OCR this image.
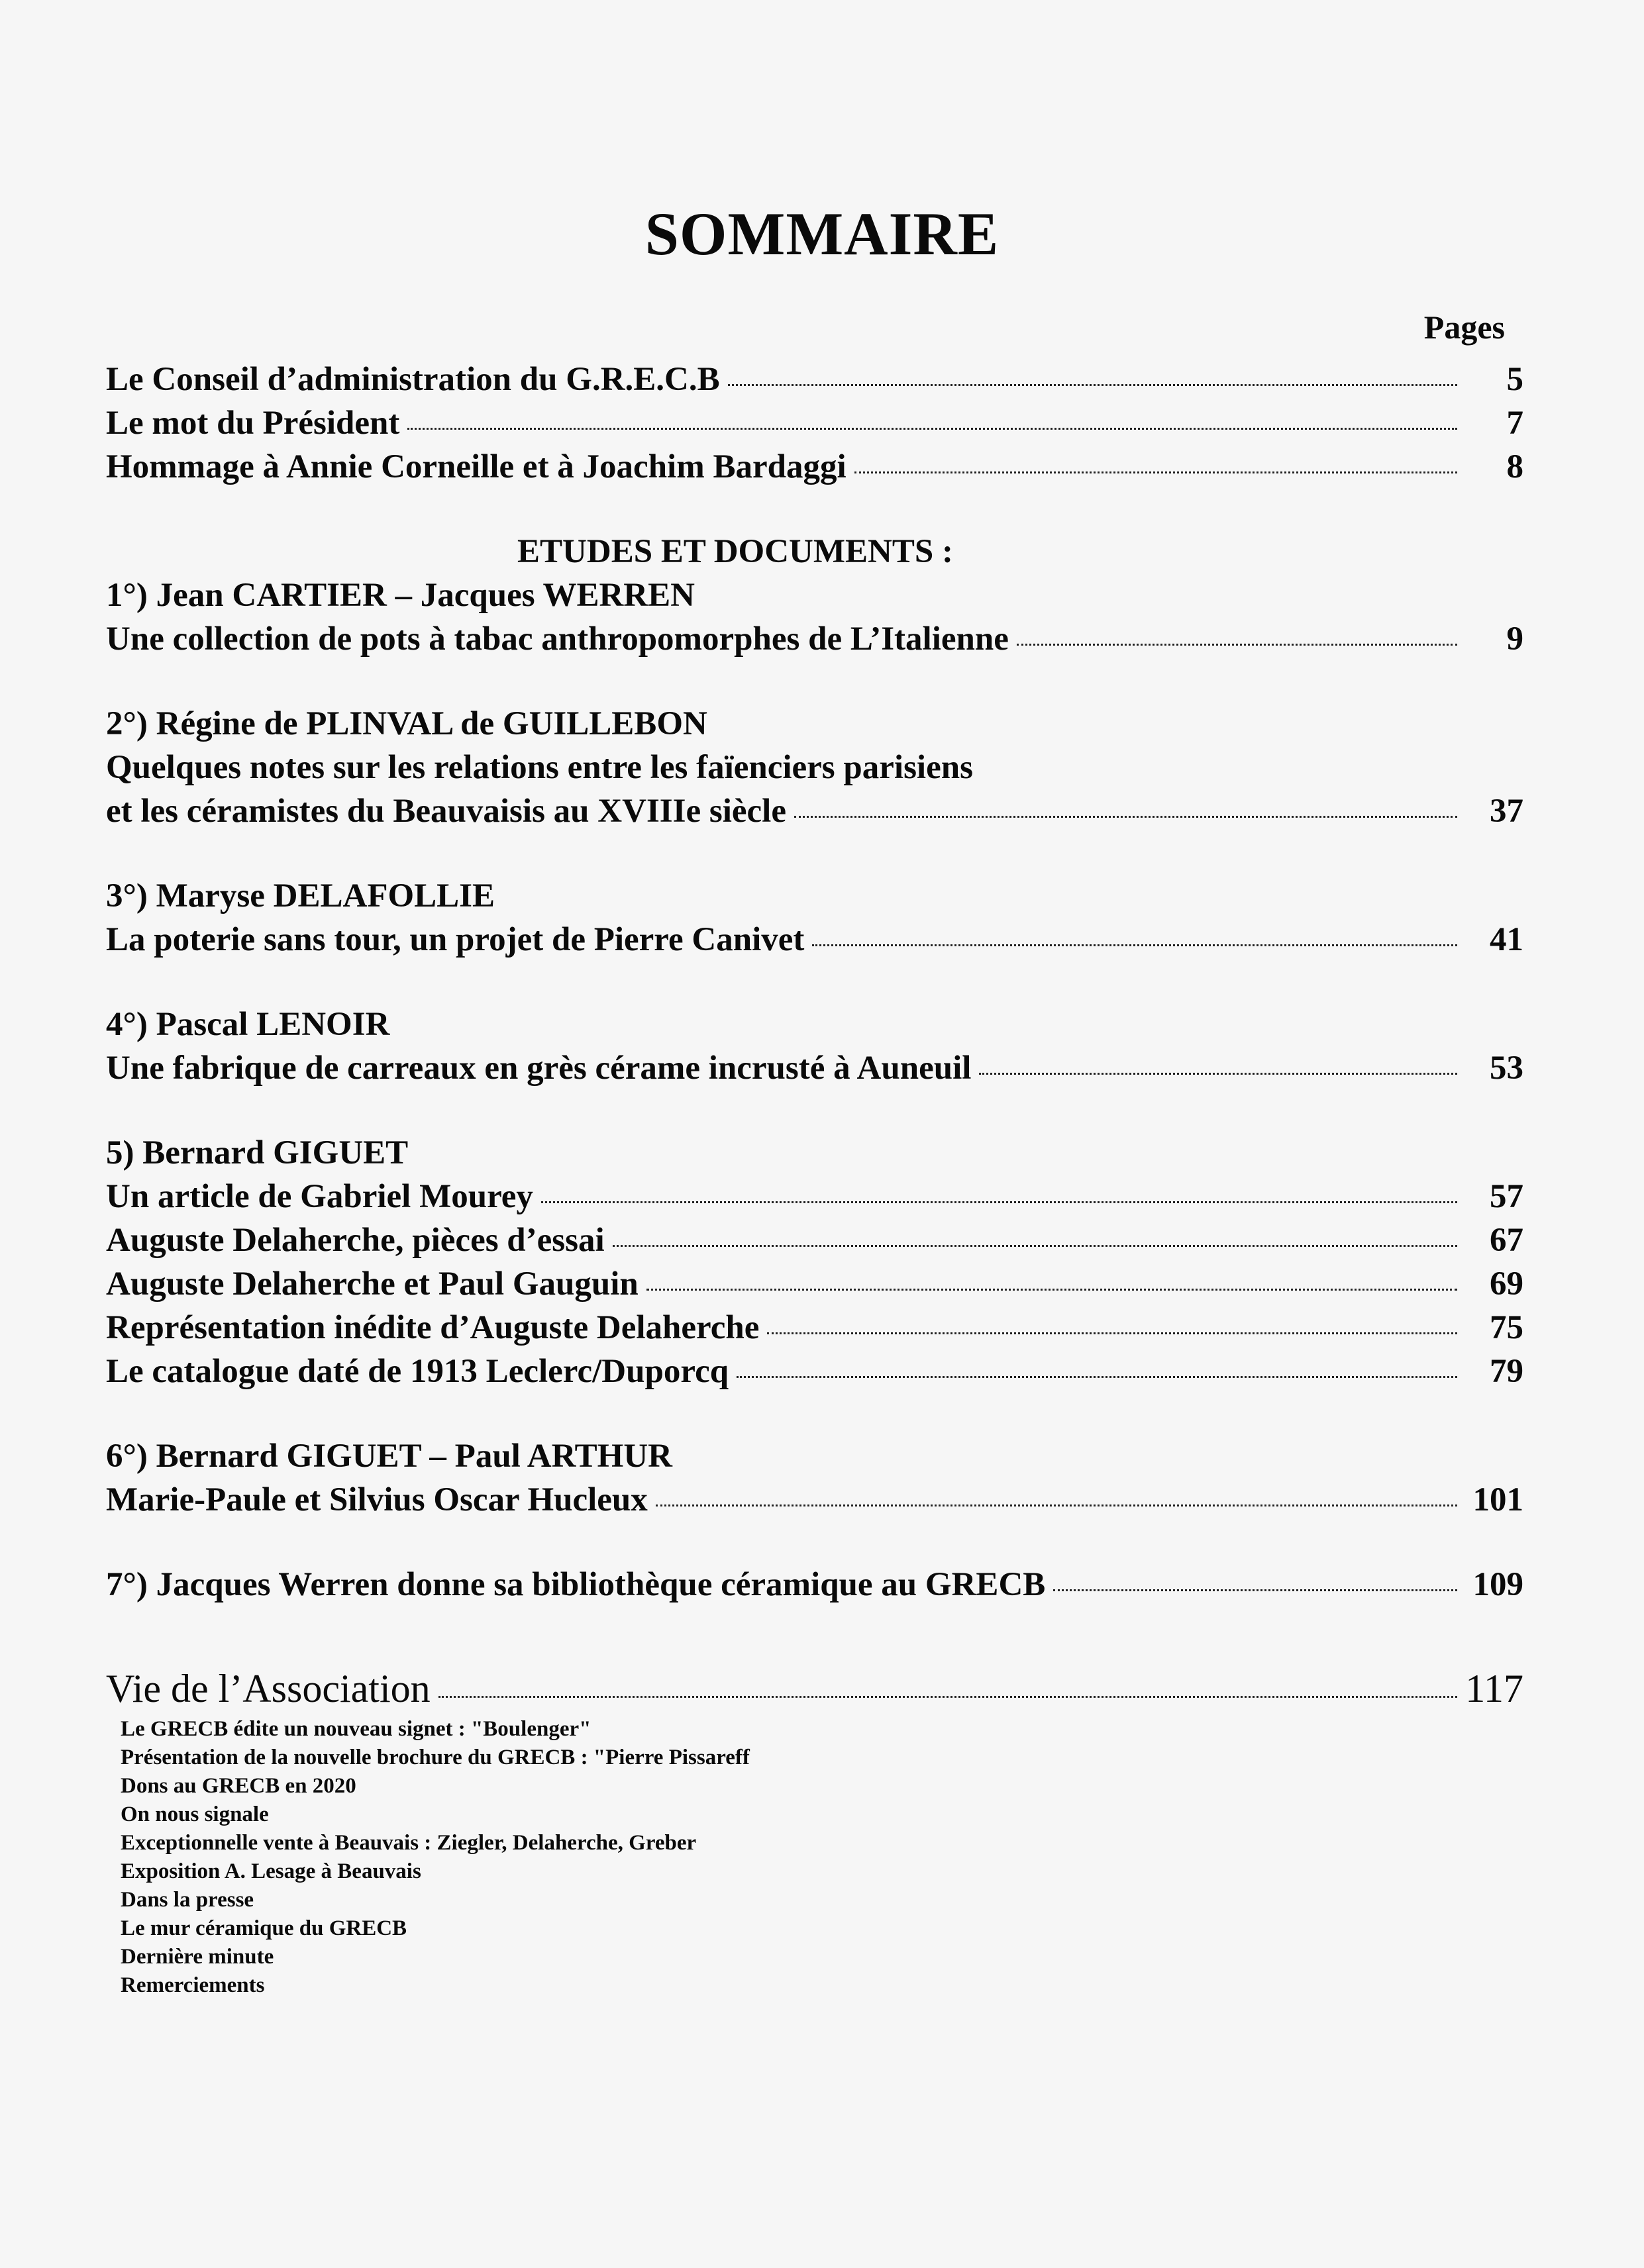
SOMMAIRE
Pages
Le Conseil d’administration du G.R.E.C.B	5
Le mot du Président	7
Hommage à Annie Corneille et à Joachim Bardaggi	8
ETUDES ET DOCUMENTS :
1°) Jean CARTIER – Jacques WERREN
Une collection de pots à tabac anthropomorphes de L’Italienne	9
2°) Régine de PLINVAL de GUILLEBON
Quelques notes sur les relations entre les faïenciers parisiens
et les céramistes du Beauvaisis au XVIIIe siècle	37
3°) Maryse DELAFOLLIE
La poterie sans tour, un projet de Pierre Canivet	41
4°) Pascal LENOIR
Une fabrique de carreaux en grès cérame incrusté à Auneuil	53
5) Bernard GIGUET
Un article de Gabriel Mourey	57
Auguste Delaherche, pièces d’essai	67
Auguste Delaherche et Paul Gauguin	69
Représentation inédite d’Auguste Delaherche	75
Le catalogue daté de 1913 Leclerc/Duporcq	79
6°) Bernard GIGUET – Paul ARTHUR
Marie-Paule et Silvius Oscar Hucleux	101
7°) Jacques Werren donne sa bibliothèque céramique au GRECB	109
Vie de l’Association	117
Le GRECB édite un nouveau signet : "Boulenger"
Présentation de la nouvelle brochure du GRECB : "Pierre Pissareff
Dons au GRECB en 2020
On nous signale
Exceptionnelle vente à Beauvais : Ziegler, Delaherche, Greber
Exposition A. Lesage à Beauvais
Dans la presse
Le mur céramique du GRECB
Dernière minute
Remerciements
